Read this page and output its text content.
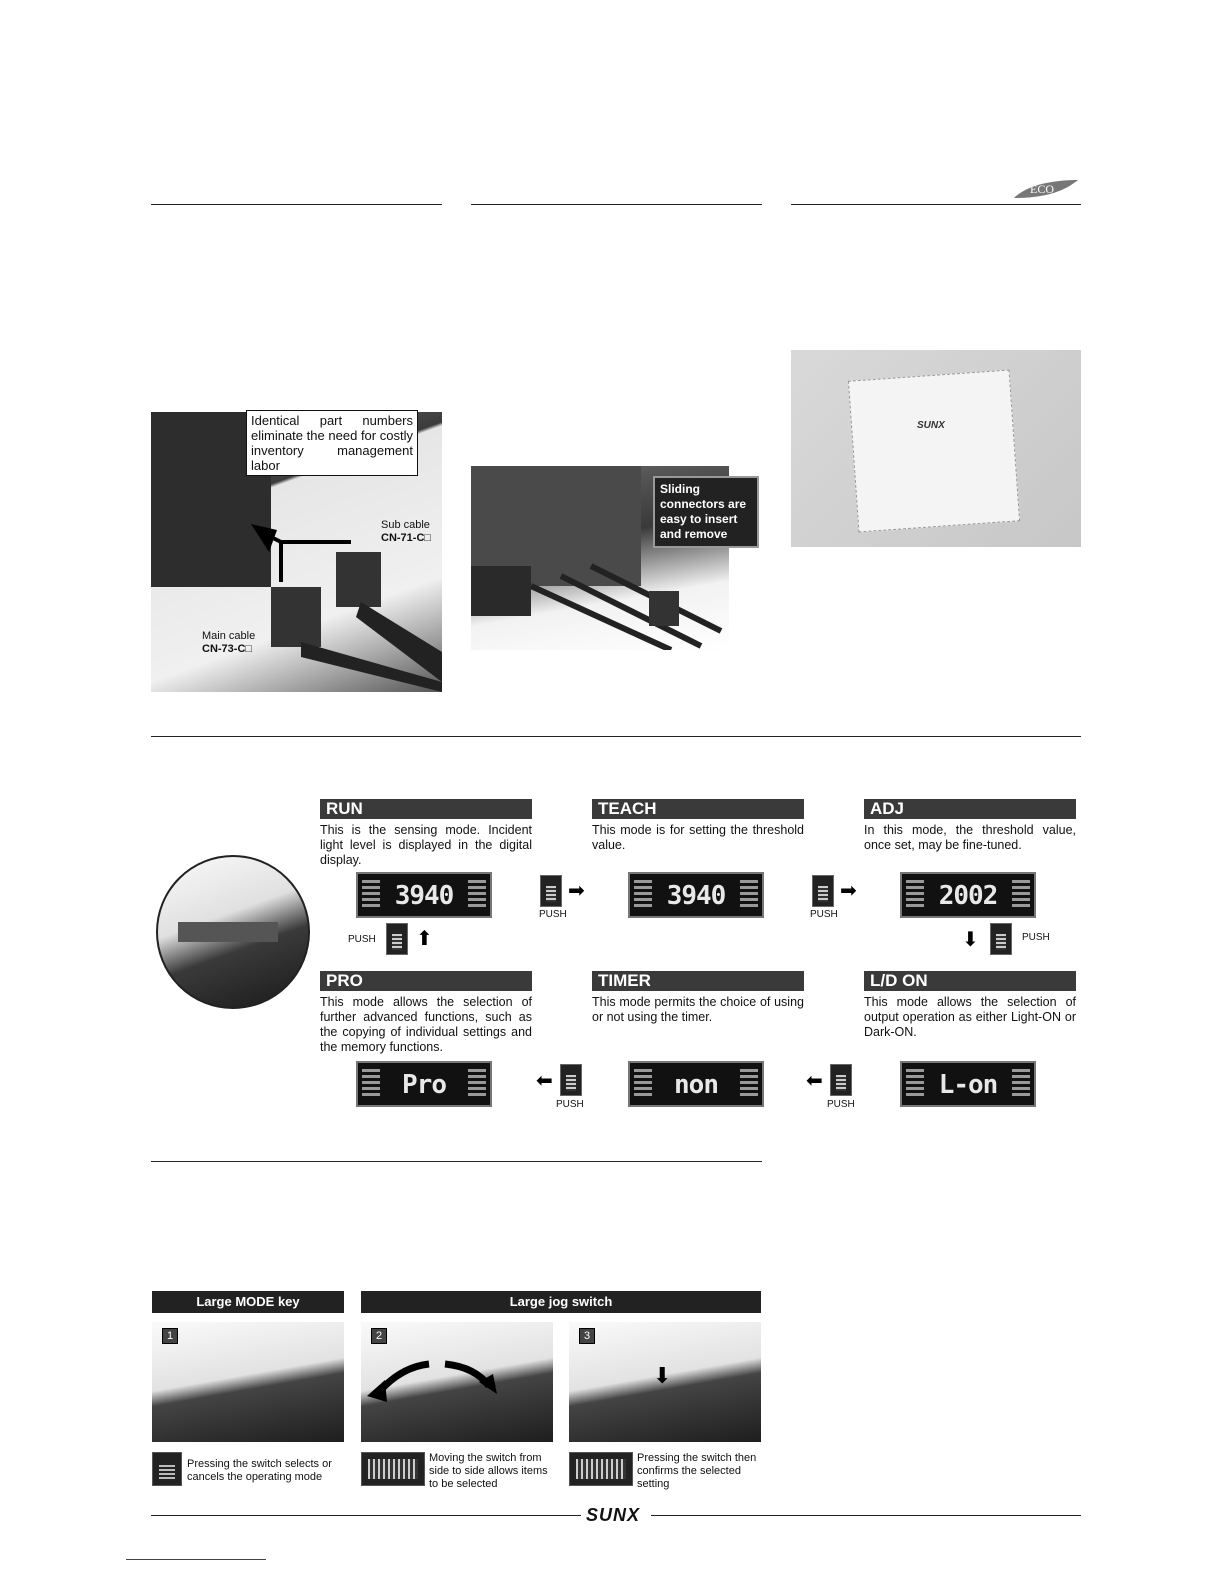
ECO
Identical part numbers eliminate the need for costly inventory management labor
Sub cable
CN-71-C□
Main cable
CN-73-C□
Sliding connectors are easy to insert and remove
SUNX
RUN
This is the sensing mode. Incident light level is displayed in the digital display.
TEACH
This mode is for setting the threshold value.
ADJ
In this mode, the threshold value, once set, may be fine-tuned.
PRO
This mode allows the selection of further advanced functions, such as the copying of individual settings and the memory functions.
TIMER
This mode permits the choice of using or not using the timer.
L/D ON
This mode allows the selection of output operation as either Light-ON or Dark-ON.
3940	3940	2002
Pro	non	L-on
➡
PUSH
➡
PUSH
⬇	PUSH
PUSH ⬆
⬅
PUSH
⬅
PUSH
Large MODE key	Large jog switch
⬇
1	2	3
Pressing the switch selects or cancels the operating mode
Moving the switch from side to side allows items to be selected
Pressing the switch then confirms the selected setting
SUNX
